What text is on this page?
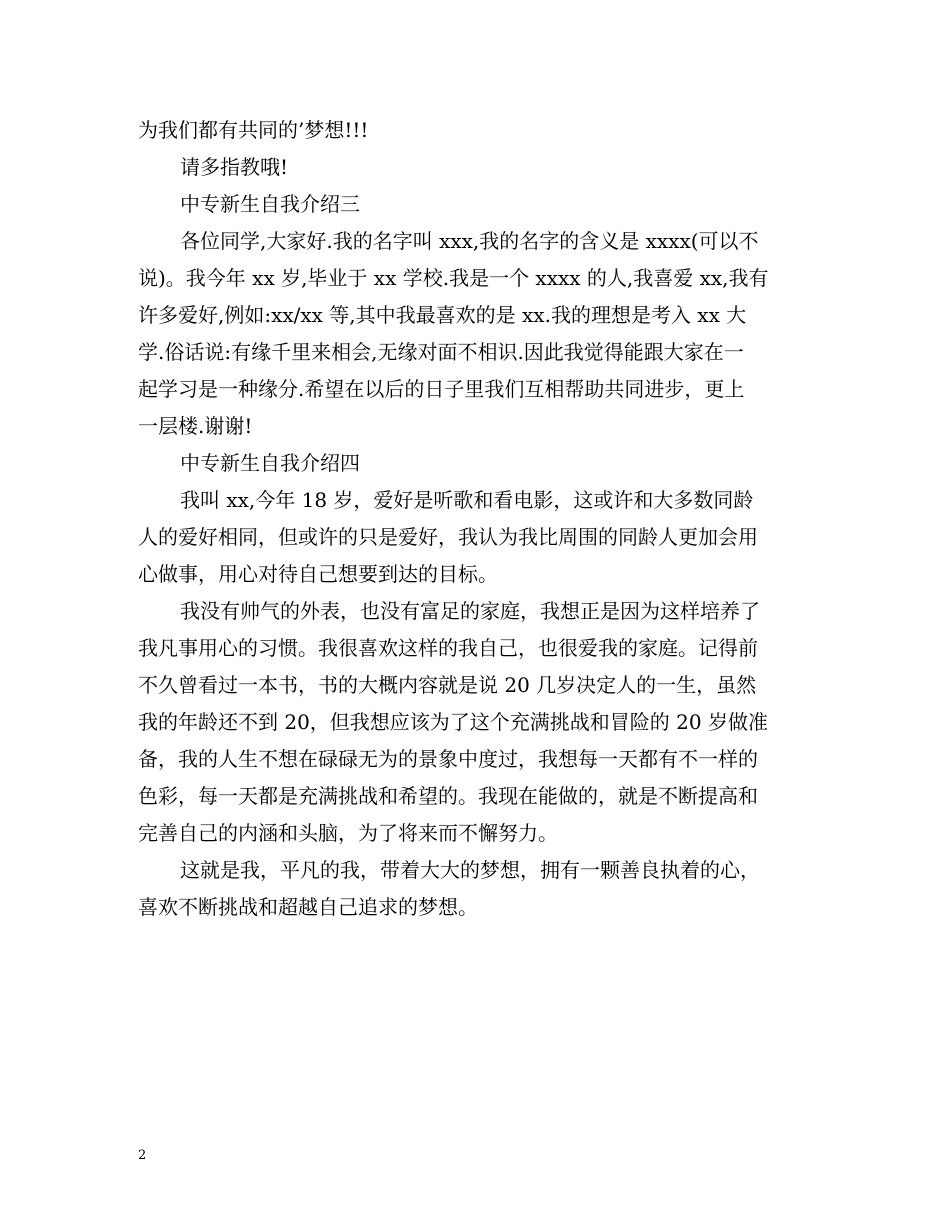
为我们都有共同的’梦想!!!
请多指教哦!
中专新生自我介绍三
各位同学,大家好.我的名字叫 xxx,我的名字的含义是 xxxx(可以不
说)。我今年 xx 岁,毕业于 xx 学校.我是一个 xxxx 的人,我喜爱 xx,我有
许多爱好,例如:xx/xx 等,其中我最喜欢的是 xx.我的理想是考入 xx 大
学.俗话说:有缘千里来相会,无缘对面不相识.因此我觉得能跟大家在一
起学习是一种缘分.希望在以后的日子里我们互相帮助共同进步，更上
一层楼.谢谢!
中专新生自我介绍四
我叫 xx,今年 18 岁，爱好是听歌和看电影，这或许和大多数同龄
人的爱好相同，但或许的只是爱好，我认为我比周围的同龄人更加会用
心做事，用心对待自己想要到达的目标。
我没有帅气的外表，也没有富足的家庭，我想正是因为这样培养了
我凡事用心的习惯。我很喜欢这样的我自己，也很爱我的家庭。记得前
不久曾看过一本书，书的大概内容就是说 20 几岁决定人的一生，虽然
我的年龄还不到 20，但我想应该为了这个充满挑战和冒险的 20 岁做准
备，我的人生不想在碌碌无为的景象中度过，我想每一天都有不一样的
色彩，每一天都是充满挑战和希望的。我现在能做的，就是不断提高和
完善自己的内涵和头脑，为了将来而不懈努力。
这就是我，平凡的我，带着大大的梦想，拥有一颗善良执着的心，
喜欢不断挑战和超越自己追求的梦想。
2
